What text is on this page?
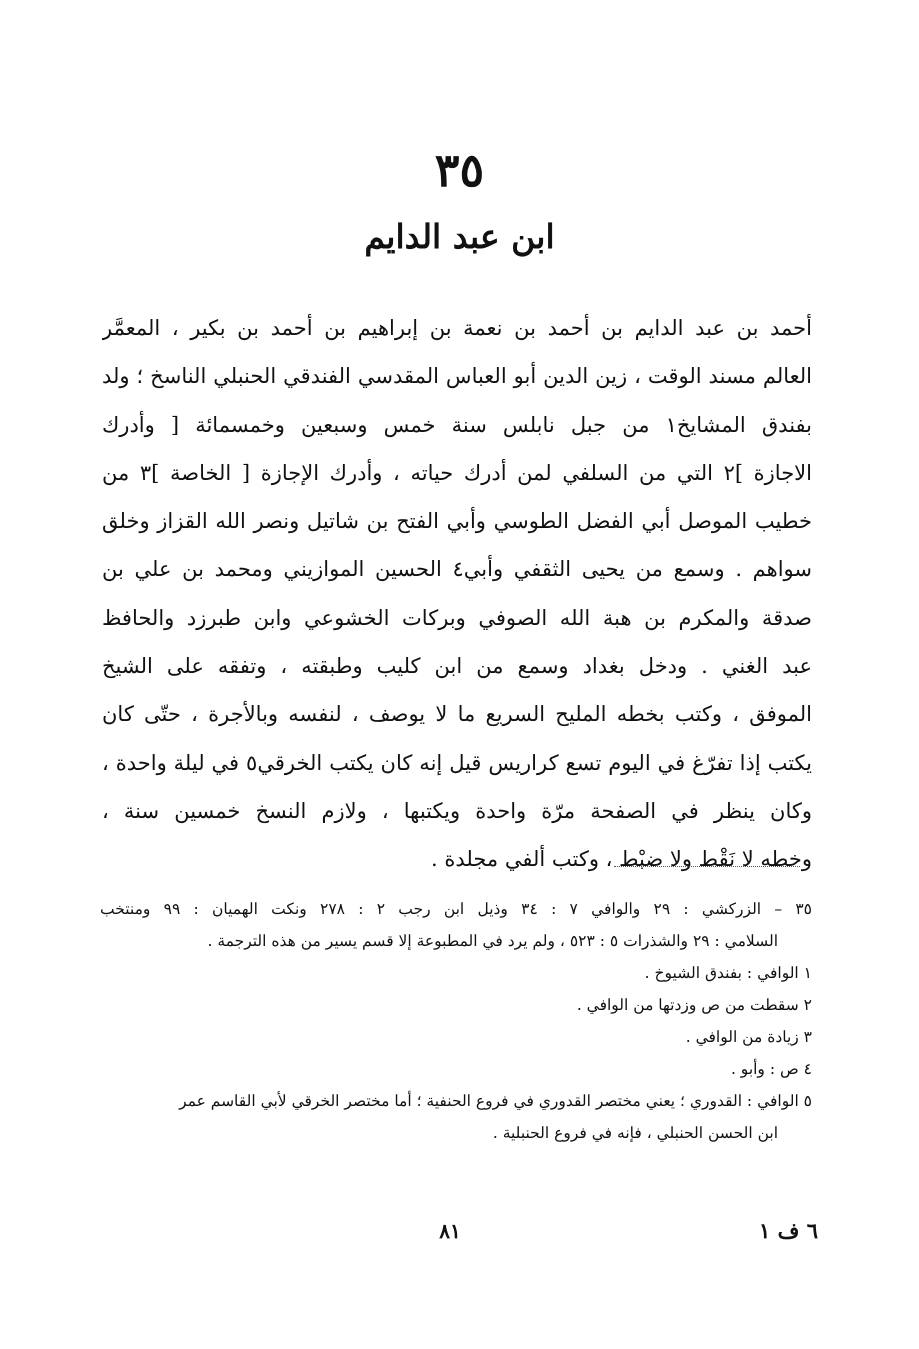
٣٥
ابن عبد الدايم
أحمد بن عبد الدايم بن أحمد بن نعمة بن إبراهيم بن أحمد بن بكير ، المعمَّر
العالم مسند الوقت ، زين الدين أبو العباس المقدسي الفندقي الحنبلي الناسخ ؛ ولد
بفندق المشايخ١ من جبل نابلس سنة خمس وسبعين وخمسمائة [ وأدرك
الاجازة ]٢ التي من السلفي لمن أدرك حياته ، وأدرك الإجازة [ الخاصة ]٣ من
خطيب الموصل أبي الفضل الطوسي وأبي الفتح بن شاتيل ونصر الله القزاز وخلق
سواهم . وسمع من يحيى الثقفي وأبي٤ الحسين الموازيني ومحمد بن علي بن
صدقة والمكرم بن هبة الله الصوفي وبركات الخشوعي وابن طبرزد والحافظ
عبد الغني . ودخل بغداد وسمع من ابن كليب وطبقته ، وتفقه على الشيخ
الموفق ، وكتب بخطه المليح السريع ما لا يوصف ، لنفسه وبالأجرة ، حتّى كان
يكتب إذا تفرّغ في اليوم تسع كراريس قيل إنه كان يكتب الخرقي٥ في ليلة واحدة ،
وكان ينظر في الصفحة مرّة واحدة ويكتبها ، ولازم النسخ خمسين سنة ،
وخطه لا نَقْط ولا ضبْط ، وكتب ألفي مجلدة .
٣٥ – الزركشي : ٢٩ والوافي ٧ : ٣٤ وذيل ابن رجب ٢ : ٢٧٨ ونكت الهميان : ٩٩ ومنتخب
السلامي : ٢٩ والشذرات ٥ : ٥٢٣ ، ولم يرد في المطبوعة إلا قسم يسير من هذه الترجمة .
١ الوافي : بفندق الشيوخ .
٢ سقطت من ص وزدتها من الوافي .
٣ زيادة من الوافي .
٤ ص : وأبو .
٥ الوافي : القدوري ؛ يعني مختصر القدوري في فروع الحنفية ؛ أما مختصر الخرقي لأبي القاسم عمر
ابن الحسن الحنبلي ، فإنه في فروع الحنبلية .
٦ ف ١
٨١
